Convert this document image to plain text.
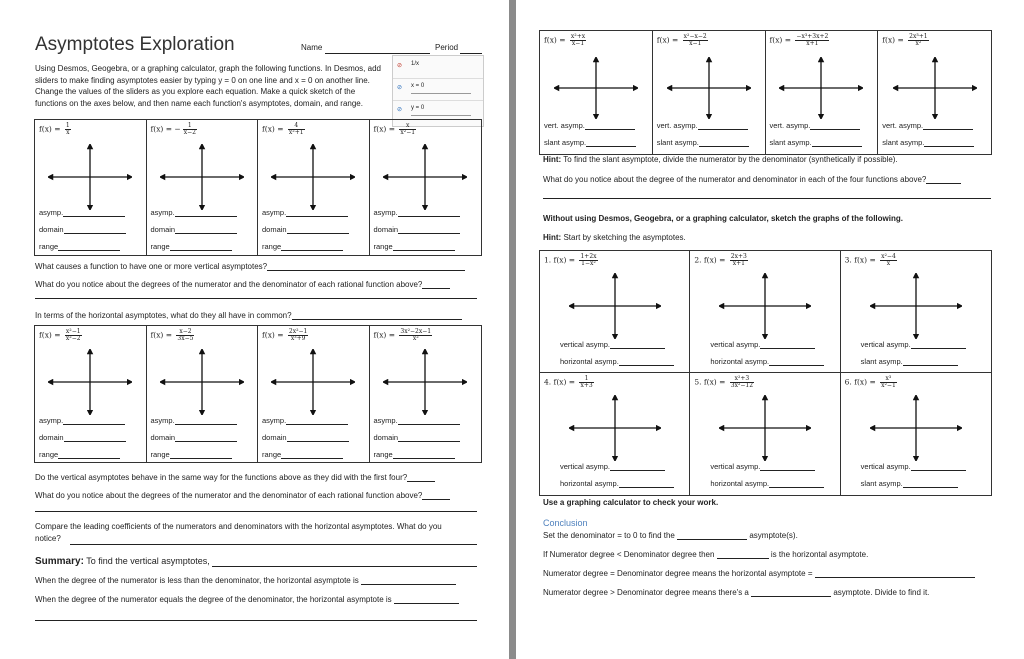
Asymptotes Exploration	Name	Period
Using Desmos, Geogebra, or a graphing calculator, graph the following functions. In Desmos, add sliders to make finding asymptotes easier by typing y = 0 on one line and x = 0 on another line. Change the values of the sliders as you explore each equation. Make a quick sketch of the functions on the axes below, and then name each function's asymptotes, domain, and range.
⊘ 1/x
⊘ x = 0
⊘ y = 0
$f(x) = \frac{1}{x}$
asymp.
domain
range
f(x) = − $\frac{1}{x-2}$
asymp.
domain
range
$f(x) = \frac{4}{\text{x²+1}}$
asymp.
domain
range
$f(x) = \frac{x}{\text{x²−1}}$
asymp.
domain
range
What causes a function to have one or more vertical asymptotes?
What do you notice about the degrees of the numerator and the denominator of each rational function above?
In terms of the horizontal asymptotes, what do they all have in common?
$f(x) = \frac{\text{x²−1}}{\text{x²−2}}$
asymp.
domain
range
$f(x) = \frac{x-2}{3x-5}$
asymp.
domain
range
$f(x) = \frac{\text{2x²−1}}{\text{x³+9}}$
asymp.
domain
range
$f(x) = \frac{\text{3x²−2x−1}}{\text{x²}}$
asymp.
domain
range
Do the vertical asymptotes behave in the same way for the functions above as they did with the first four?
What do you notice about the degrees of the numerator and the denominator of each rational function above?
Compare the leading coefficients of the numerators and denominators with the horizontal asymptotes. What do you
notice?
Summary: To find the vertical asymptotes,
When the degree of the numerator is less than the denominator, the horizontal asymptote is
When the degree of the numerator equals the degree of the denominator, the horizontal asymptote is
$f(x) = \frac{\text{x²+x}}{x-1}$
vert. asymp.
slant asymp.
$f(x) = \frac{\text{x²−x−2}}{x-1}$
vert. asymp.
slant asymp.
$f(x) = \frac{\text{−x³+3x+2}}{x+1}$
vert. asymp.
slant asymp.
$f(x) = \frac{\text{2x³+1}}{\text{x²}}$
vert. asymp.
slant asymp.
Hint: To find the slant asymptote, divide the numerator by the denominator (synthetically if possible).
What do you notice about the degree of the numerator and denominator in each of the four functions above?
Without using Desmos, Geogebra, or a graphing calculator, sketch the graphs of the following.
Hint: Start by sketching the asymptotes.
1. $f(x) = \frac{1+2x}{\text{1−x²}}$
vertical asymp.
horizontal asymp.
2. $f(x) = \frac{2x+3}{x+1}$
vertical asymp.
horizontal asymp.
3. $f(x) = \frac{\text{x²−4}}{x}$
vertical asymp.
slant asymp.
4. $f(x) = \frac{1}{x+3}$
vertical asymp.
horizontal asymp.
5. $f(x) = \frac{\text{x²+3}}{\text{3x²−12}}$
vertical asymp.
horizontal asymp.
6. $f(x) = \frac{\text{x³}}{\text{x²−1}}$
vertical asymp.
slant asymp.
Use a graphing calculator to check your work.
Conclusion
Set the denominator = to 0 to find the	asymptote(s).
If Numerator degree < Denominator degree then	is the horizontal asymptote.
Numerator degree = Denominator degree means the horizontal asymptote =
Numerator degree > Denominator degree means there's a	asymptote. Divide to find it.
